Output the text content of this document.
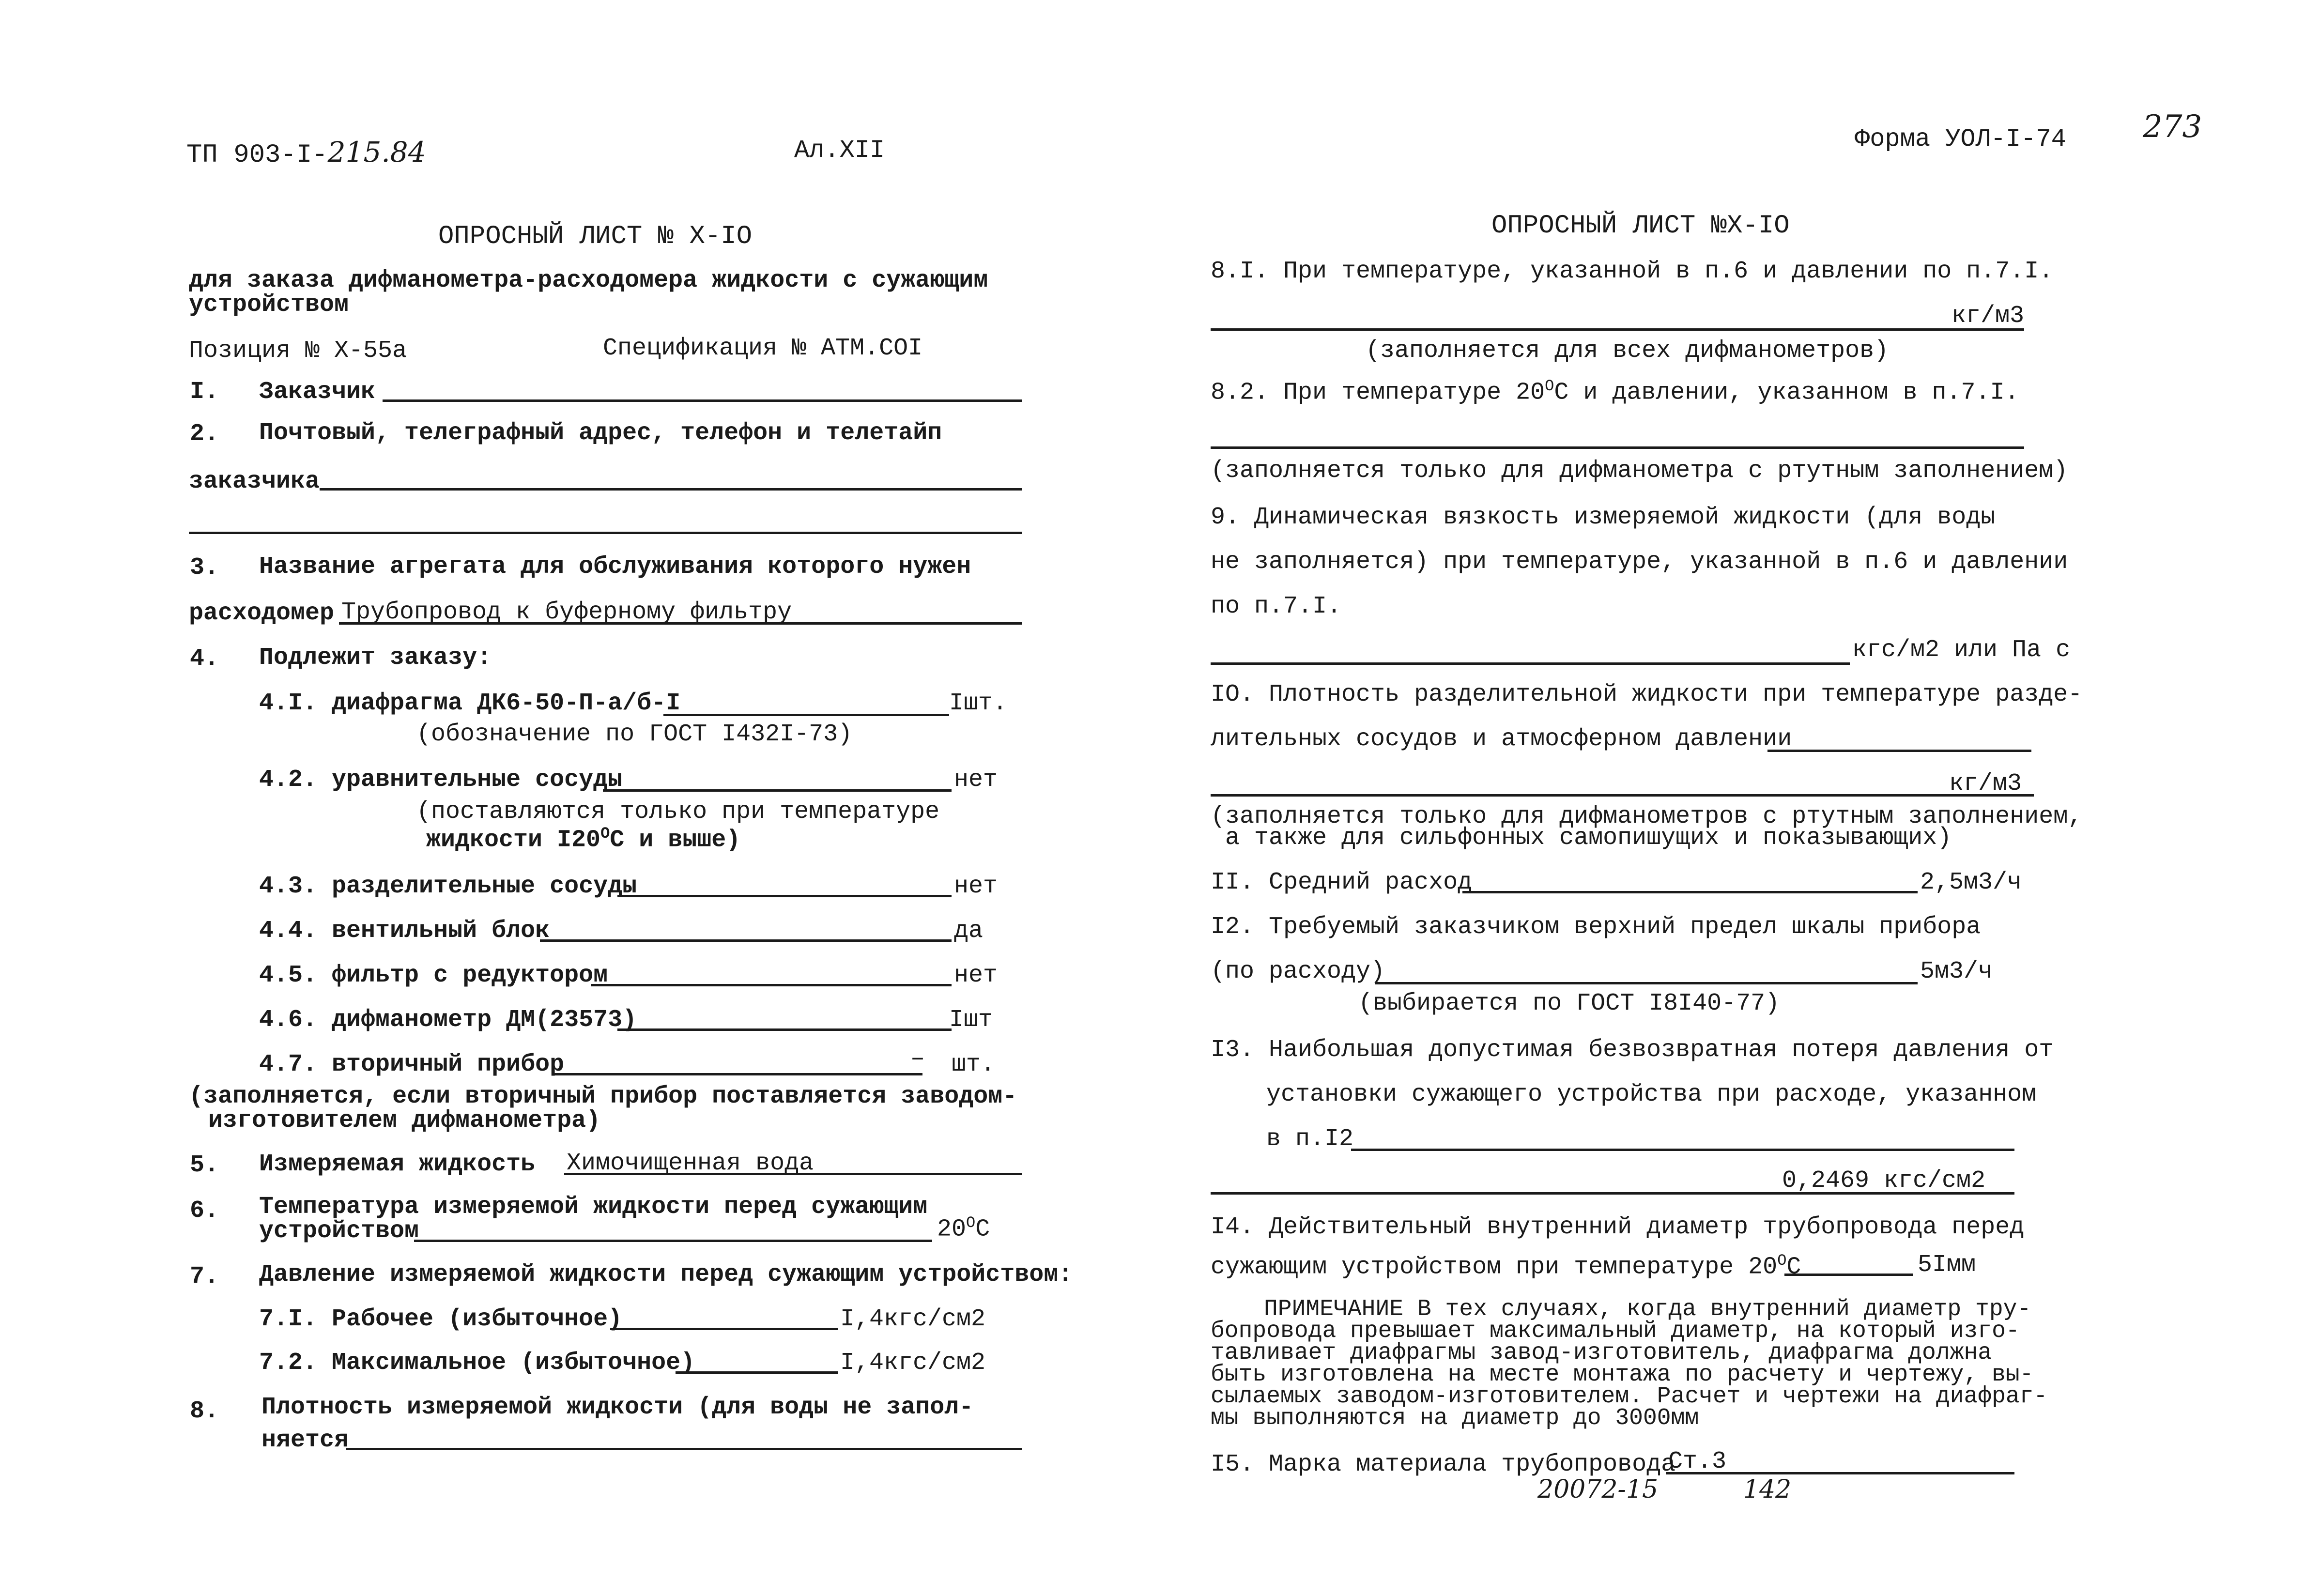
ТП 903-I-215.84	Ал.XII	Форма УОЛ-I-74 273
ОПРОСНЫЙ ЛИСТ № Х-IO
для заказа дифманометра-расходомера жидкости с сужающим
устройством
Позиция № Х-55а	Спецификация № АТМ.СОI
I. Заказчик
2. Почтовый, телеграфный адрес, телефон и телетайп
заказчика
3. Название агрегата для обслуживания которого нужен
расходомер Трубопровод к буферному фильтру
4. Подлежит заказу:
4.I. диафрагма ДК6-50-П-а/б-I	Iшт.
(обозначение по ГОСТ I432I-73)
4.2. уравнительные сосуды	нет
(поставляются только при температуре
жидкости $I20^OС$ и выше)
4.3. разделительные сосуды	нет
4.4. вентильный блок	да
4.5. фильтр с редуктором	нет
4.6. дифманометр ДМ(23573)	Iшт
4.7. вторичный прибор	– шт.
(заполняется, если вторичный прибор поставляется заводом-
изготовителем дифманометра)
5. Измеряемая жидкость Химочищенная вода
6. Температура измеряемой жидкости перед сужающим
устройством	$20^OС$
7. Давление измеряемой жидкости перед сужающим устройством:
7.I. Рабочее (избыточное)	I,4кгс/см2
7.2. Максимальное (избыточное)	I,4кгс/см2
8. Плотность измеряемой жидкости (для воды не запол-
няется
ОПРОСНЫЙ ЛИСТ №Х-IO
8.I. При температуре, указанной в п.6 и давлении по п.7.I.
кг/м3
(заполняется для всех дифманометров)
8.2. При температуре $20^OС$ и давлении, указанном в п.7.I.
(заполняется только для дифманометра с ртутным заполнением)
9. Динамическая вязкость измеряемой жидкости (для воды
не заполняется) при температуре, указанной в п.6 и давлении
по п.7.I.
кгс/м2 или Па с
IO. Плотность разделительной жидкости при температуре разде-
лительных сосудов и атмосферном давлении
кг/м3
(заполняется только для дифманометров с ртутным заполнением,
а также для сильфонных самопишущих и показывающих)
II. Средний расход	2,5м3/ч
I2. Требуемый заказчиком верхний предел шкалы прибора
(по расходу)	5м3/ч
(выбирается по ГОСТ I8I40-77)
I3. Наибольшая допустимая безвозвратная потеря давления от
установки сужающего устройства при расходе, указанном
в п.I2
0,2469 кгс/см2
I4. Действительный внутренний диаметр трубопровода перед
сужающим устройством при температуре $20^OС$	5Iмм
ПРИМЕЧАНИЕ В тех случаях, когда внутренний диаметр тру-
бопровода превышает максимальный диаметр, на который изго-
тавливает диафрагмы завод-изготовитель, диафрагма должна
быть изготовлена на месте монтажа по расчету и чертежу, вы-
сылаемых заводом-изготовителем. Расчет и чертежи на диафраг-
мы выполняются на диаметр до 3000мм
I5. Марка материала трубопровода
Ст.3
20072-15	142
